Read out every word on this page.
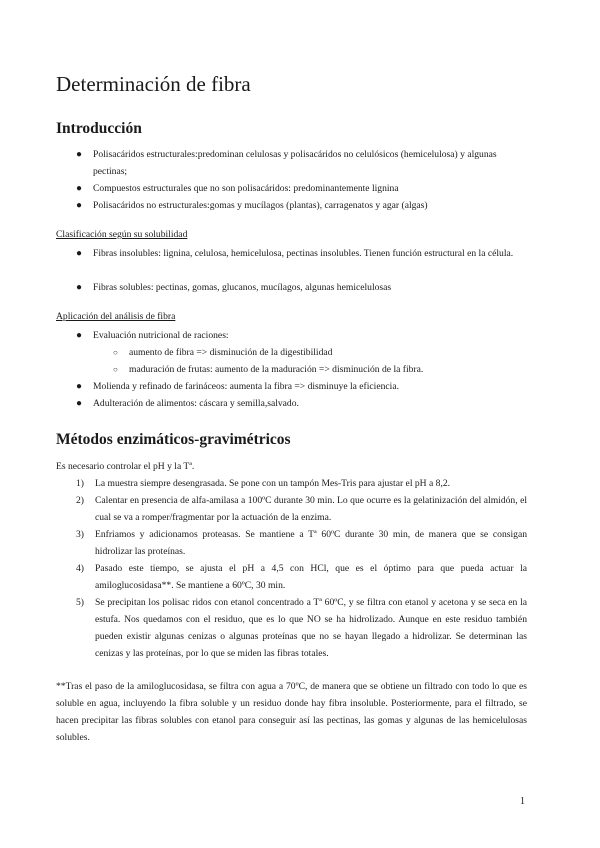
Determinación de fibra
Introducción
● Polisacáridos estructurales:predominan celulosas y polisacáridos no celulósicos (hemicelulosa) y algunas pectinas;

● Compuestos estructurales que no son polisacáridos: predominantemente lignina

● Polisacáridos no estructurales:gomas y mucílagos (plantas), carragenatos y agar (algas)

Clasificación según su solubilidad

● Fibras insolubles: lignina, celulosa, hemicelulosa, pectinas insolubles. Tienen función estructural en la célula.

● Fibras solubles: pectinas, gomas, glucanos, mucílagos, algunas hemicelulosas

Aplicación del análisis de fibra

● Evaluación nutricional de raciones:

○ aumento de fibra => disminución de la digestibilidad

○ maduración de frutas: aumento de la maduración => disminución de la fibra.

● Molienda y refinado de farináceos: aumenta la fibra => disminuye la eficiencia.

● Adulteración de alimentos: cáscara y semilla,salvado.

Métodos enzimáticos-gravimétricos

Es necesario controlar el pH y la Tª.

1) La muestra siempre desengrasada. Se pone con un tampón Mes-Tris para ajustar el pH a 8,2.

2) Calentar en presencia de alfa-amilasa a 100ºC durante 30 min. Lo que ocurre es la gelatinización del almidón, el cual se va a romper/fragmentar por la actuación de la enzima.

3) Enfriamos y adicionamos proteasas. Se mantiene a Tª 60ºC durante 30 min, de manera que se consigan hidrolizar las proteínas.

4) Pasado este tiempo, se ajusta el pH a 4,5 con HCl, que es el óptimo para que pueda actuar la amiloglucosidasa**. Se mantiene a 60ºC, 30 min.

5) Se precipitan los polisac ridos con etanol concentrado a Tª 60ºC, y se filtra con etanol y acetona y se seca en la estufa. Nos quedamos con el residuo, que es lo que NO se ha hidrolizado. Aunque en este residuo también pueden existir algunas cenizas o algunas proteínas que no se hayan llegado a hidrolizar. Se determinan las cenizas y las proteínas, por lo que se miden las fibras totales.

**Tras el paso de la amiloglucosidasa, se filtra con agua a 70ºC, de manera que se obtiene un filtrado con todo lo que es soluble en agua, incluyendo la fibra soluble y un residuo donde hay fibra insoluble. Posteriormente, para el filtrado, se hacen precipitar las fibras solubles con etanol para conseguir así las pectinas, las gomas y algunas de las hemicelulosas solubles.

1
